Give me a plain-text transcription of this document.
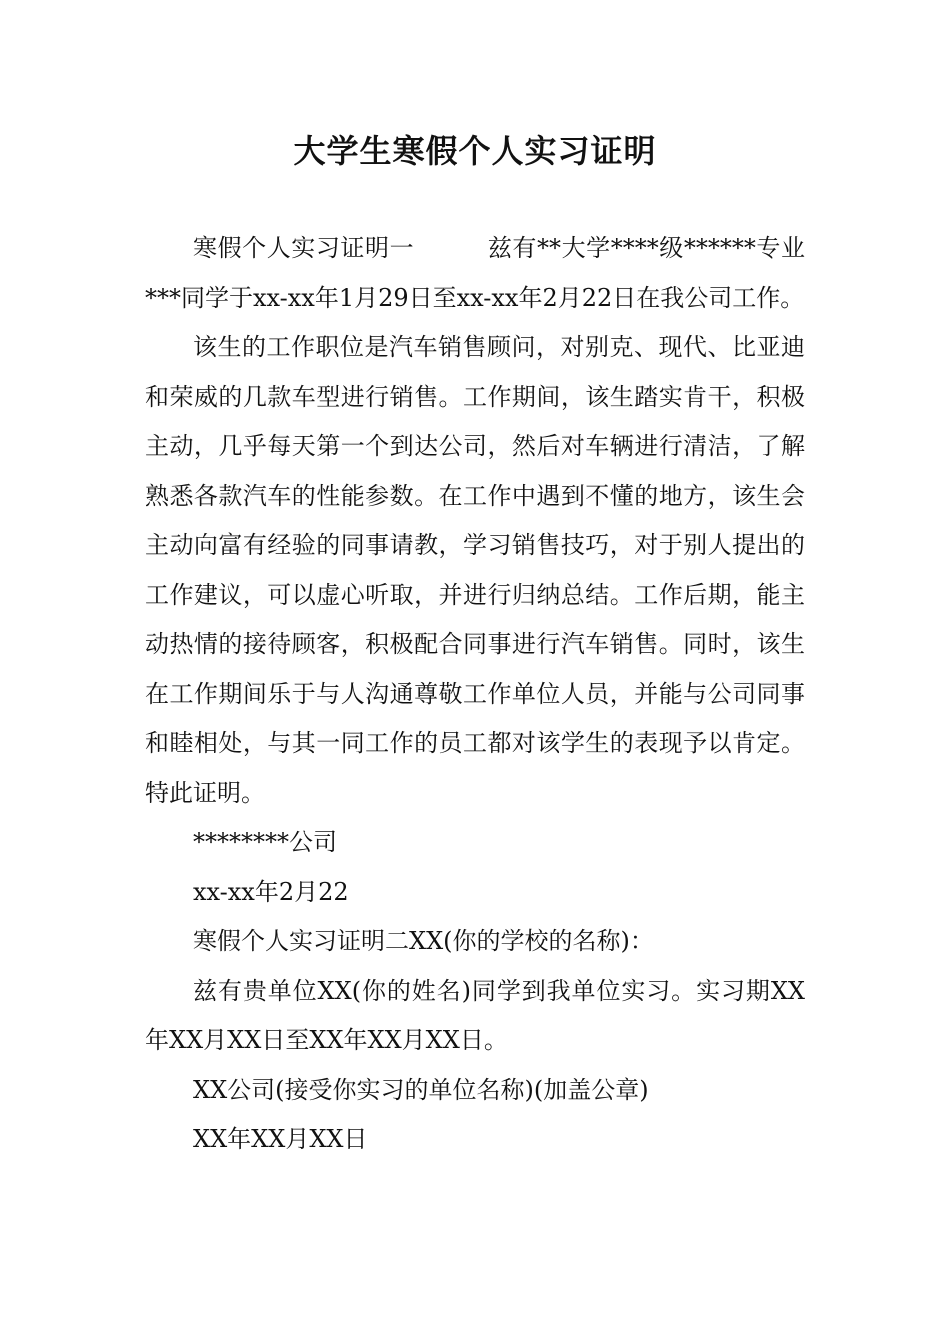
大学生寒假个人实习证明

寒假个人实习证明一　　　兹有**大学****级******专业***同学于xx-xx年1月29日至xx-xx年2月22日在我公司工作。

该生的工作职位是汽车销售顾问，对别克、现代、比亚迪和荣威的几款车型进行销售。工作期间，该生踏实肯干，积极主动，几乎每天第一个到达公司，然后对车辆进行清洁，了解熟悉各款汽车的性能参数。在工作中遇到不懂的地方，该生会主动向富有经验的同事请教，学习销售技巧，对于别人提出的工作建议，可以虚心听取，并进行归纳总结。工作后期，能主动热情的接待顾客，积极配合同事进行汽车销售。同时，该生在工作期间乐于与人沟通尊敬工作单位人员，并能与公司同事和睦相处，与其一同工作的员工都对该学生的表现予以肯定。特此证明。

********公司

xx-xx年2月22

寒假个人实习证明二XX(你的学校的名称)：

兹有贵单位XX(你的姓名)同学到我单位实习。实习期XX年XX月XX日至XX年XX月XX日。

XX公司(接受你实习的单位名称)(加盖公章)

XX年XX月XX日
